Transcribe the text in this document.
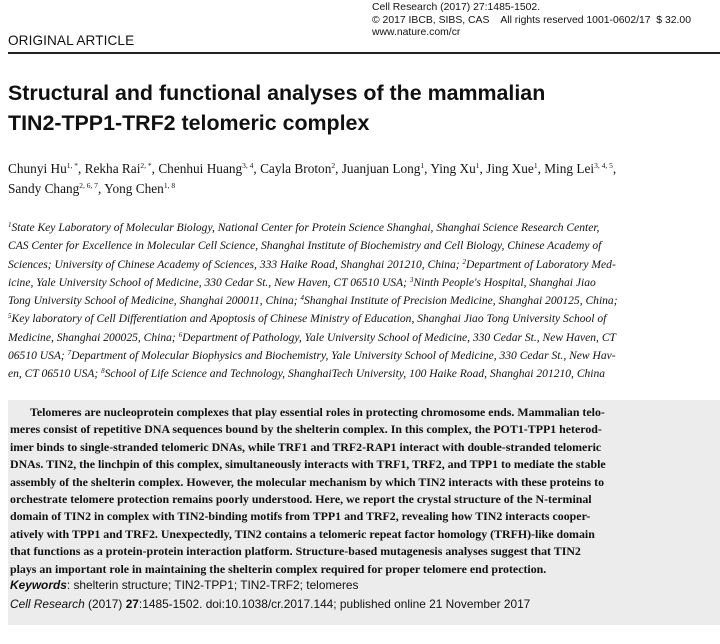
Cell Research (2017) 27:1485-1502.
© 2017 IBCB, SIBS, CAS    All rights reserved 1001-0602/17  $ 32.00
www.nature.com/cr
ORIGINAL ARTICLE
Structural and functional analyses of the mammalian
TIN2-TPP1-TRF2 telomeric complex
Chunyi $Hu^{1, *}$, Rekha Rai$^{2, *}$, Chenhui Huang$^{3, 4}$, Cayla Broton$^2$, Juanjuan Long$^1$, Ying Xu$^1$, Jing Xue$^1$, Ming Lei$^{3, 4, 5}$,
Sandy Chang$^{2, 6, 7}$, Yong Chen$^{1, 8}$
$^1$State Key Laboratory of Molecular Biology, National Center for Protein Science Shanghai, Shanghai Science Research Center,
CAS Center for Excellence in Molecular Cell Science, Shanghai Institute of Biochemistry and Cell Biology, Chinese Academy of
Sciences; University of Chinese Academy of Sciences, 333 Haike Road, Shanghai 201210, China; $^2$Department of Laboratory Med-
icine, Yale University School of Medicine, 330 Cedar St., New Haven, CT 06510 USA; $^3$Ninth People's Hospital, Shanghai Jiao
Tong University School of Medicine, Shanghai 200011, China; $^4$Shanghai Institute of Precision Medicine, Shanghai 200125, China;
$^5$Key laboratory of Cell Differentiation and Apoptosis of Chinese Ministry of Education, Shanghai Jiao Tong University School of
Medicine, Shanghai 200025, China; $^6$Department of Pathology, Yale University School of Medicine, 330 Cedar St., New Haven, CT
06510 USA; $^7$Department of Molecular Biophysics and Biochemistry, Yale University School of Medicine, 330 Cedar St., New Hav-
en, CT 06510 USA; $^8$School of Life Science and Technology, ShanghaiTech University, 100 Haike Road, Shanghai 201210, China
Telomeres are nucleoprotein complexes that play essential roles in protecting chromosome ends. Mammalian telo-
meres consist of repetitive DNA sequences bound by the shelterin complex. In this complex, the POT1-TPP1 heterod-
imer binds to single-stranded telomeric DNAs, while TRF1 and TRF2-RAP1 interact with double-stranded telomeric
DNAs. TIN2, the linchpin of this complex, simultaneously interacts with TRF1, TRF2, and TPP1 to mediate the stable
assembly of the shelterin complex. However, the molecular mechanism by which TIN2 interacts with these proteins to
orchestrate telomere protection remains poorly understood. Here, we report the crystal structure of the N-terminal
domain of TIN2 in complex with TIN2-binding motifs from TPP1 and TRF2, revealing how TIN2 interacts cooper-
atively with TPP1 and TRF2. Unexpectedly, TIN2 contains a telomeric repeat factor homology (TRFH)-like domain
that functions as a protein-protein interaction platform. Structure-based mutagenesis analyses suggest that TIN2
plays an important role in maintaining the shelterin complex required for proper telomere end protection.
Keywords: shelterin structure; TIN2-TPP1; TIN2-TRF2; telomeres
Cell Research (2017) 27:1485-1502. doi:10.1038/cr.2017.144; published online 21 November 2017
